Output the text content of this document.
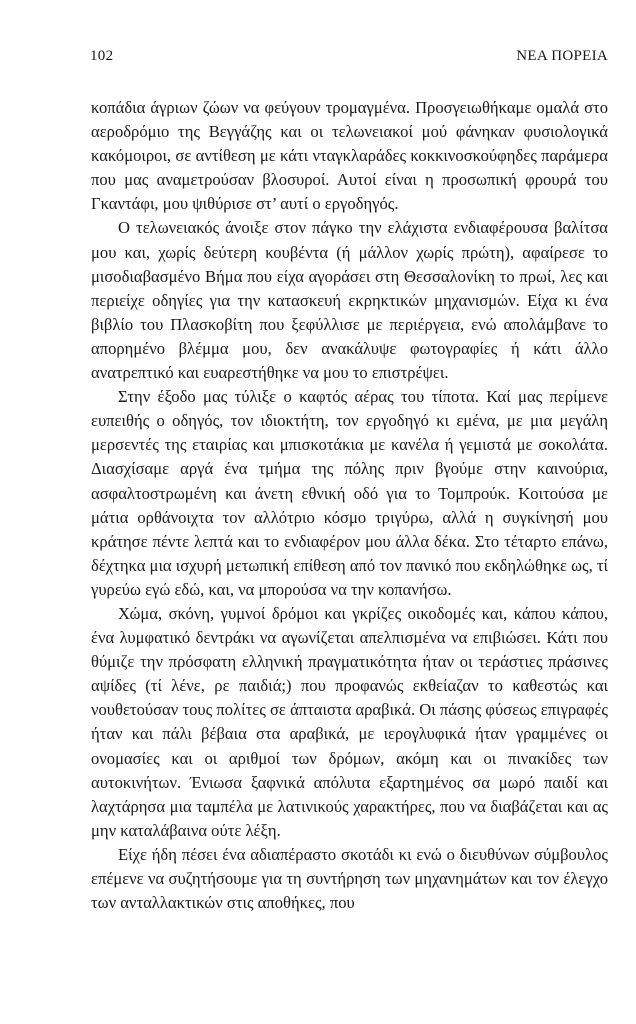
102	ΝΕΑ ΠΟΡΕΙΑ

κοπάδια άγριων ζώων να φεύγουν τρομαγμένα. Προσγειωθήκαμε ομαλά στο αεροδρόμιο της Βεγγάζης και οι τελωνειακοί μού φάνηκαν φυσιολογικά κακόμοιροι, σε αντίθεση με κάτι νταγκλαράδες κοκκινοσκούφηδες παράμερα που μας αναμετρούσαν βλοσυροί. Αυτοί είναι η προσωπική φρουρά του Γκαντάφι, μου ψιθύρισε στ’ αυτί ο εργοδηγός.

Ο τελωνειακός άνοιξε στον πάγκο την ελάχιστα ενδιαφέρουσα βαλίτσα μου και, χωρίς δεύτερη κουβέντα (ή μάλλον χωρίς πρώτη), αφαίρεσε το μισοδιαβασμένο Βήμα που είχα αγοράσει στη Θεσσαλονίκη το πρωί, λες και περιείχε οδηγίες για την κατασκευή εκρηκτικών μηχανισμών. Είχα κι ένα βιβλίο του Πλασκοβίτη που ξεφύλλισε με περιέργεια, ενώ απολάμβανε το απορημένο βλέμμα μου, δεν ανακάλυψε φωτογραφίες ή κάτι άλλο ανατρεπτικό και ευαρεστήθηκε να μου το επιστρέψει.

Στην έξοδο μας τύλιξε ο καφτός αέρας του τίποτα. Καί μας περίμενε ευπειθής ο οδηγός, τον ιδιοκτήτη, τον εργοδηγό κι εμένα, με μια μεγάλη μερσεντές της εταιρίας και μπισκοτάκια με κανέλα ή γεμιστά με σοκολάτα. Διασχίσαμε αργά ένα τμήμα της πόλης πριν βγούμε στην καινούρια, ασφαλτοστρωμένη και άνετη εθνική οδό για το Τομπρούκ. Κοιτούσα με μάτια ορθάνοιχτα τον αλλότριο κόσμο τριγύρω, αλλά η συγκίνησή μου κράτησε πέντε λεπτά και το ενδιαφέρον μου άλλα δέκα. Στο τέταρτο επάνω, δέχτηκα μια ισχυρή μετωπική επίθεση από τον πανικό που εκδηλώθηκε ως, τί γυρεύω εγώ εδώ, και, να μπορούσα να την κοπανήσω.

Χώμα, σκόνη, γυμνοί δρόμοι και γκρίζες οικοδομές και, κάπου κάπου, ένα λυμφατικό δεντράκι να αγωνίζεται απελπισμένα να επιβιώσει. Κάτι που θύμιζε την πρόσφατη ελληνική πραγματικότητα ήταν οι τεράστιες πράσινες αψίδες (τί λένε, ρε παιδιά;) που προφανώς εκθείαζαν το καθεστώς και νουθετούσαν τους πολίτες σε άπταιστα αραβικά. Οι πάσης φύσεως επιγραφές ήταν και πάλι βέβαια στα αραβικά, με ιερογλυφικά ήταν γραμμένες οι ονομασίες και οι αριθμοί των δρόμων, ακόμη και οι πινακίδες των αυτοκινήτων. Ένιωσα ξαφνικά απόλυτα εξαρτημένος σα μωρό παιδί και λαχτάρησα μια ταμπέλα με λατινικούς χαρακτήρες, που να διαβάζεται και ας μην καταλάβαινα ούτε λέξη.

Είχε ήδη πέσει ένα αδιαπέραστο σκοτάδι κι ενώ ο διευθύνων σύμβουλος επέμενε να συζητήσουμε για τη συντήρηση των μηχανημάτων και τον έλεγχο των ανταλλακτικών στις αποθήκες, που
